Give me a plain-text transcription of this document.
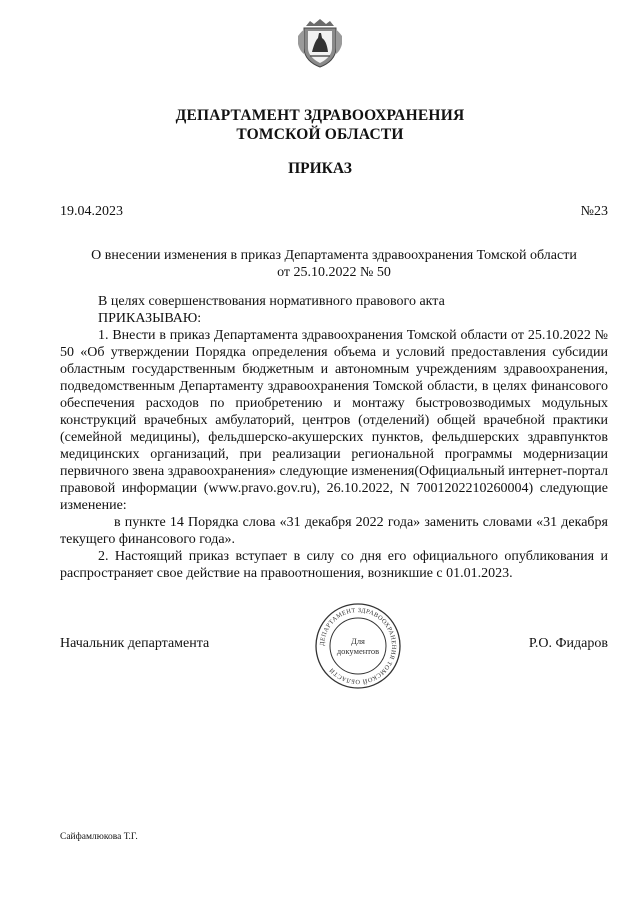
ДЕПАРТАМЕНТ ЗДРАВООХРАНЕНИЯ
ТОМСКОЙ ОБЛАСТИ
ПРИКАЗ
19.04.2023	№23
О внесении изменения в приказ Департамента здравоохранения Томской области
от 25.10.2022 № 50

В целях совершенствования нормативного правового акта

ПРИКАЗЫВАЮ:

1. Внести в приказ Департамента здравоохранения Томской области от 25.10.2022 № 50 «Об утверждении Порядка определения объема и условий предоставления субсидии областным государственным бюджетным и автономным учреждениям здравоохранения, подведомственным Департаменту здравоохранения Томской области, в целях финансового обеспечения расходов по приобретению и монтажу быстровозводимых модульных конструкций врачебных амбулаторий, центров (отделений) общей врачебной практики (семейной медицины), фельдшерско-акушерских пунктов, фельдшерских здравпунктов медицинских организаций, при реализации региональной программы модернизации первичного звена здравоохранения» следующие изменения(Официальный интернет-портал правовой информации (www.pravo.gov.ru), 26.10.2022, N 7001202210260004) следующие изменение:

в пункте 14 Порядка слова «31 декабря 2022 года» заменить словами «31 декабря текущего финансового года».

2. Настоящий приказ вступает в силу со дня его официального опубликования и распространяет свое действие на правоотношения, возникшие с 01.01.2023.

Начальник департамента	ДЕПАРТАМЕНТ ЗДРАВООХРАНЕНИЯ ТОМСКОЙ ОБЛАСТИ
Для
документов	Р.О. Фидаров
Сайфамлюкова Т.Г.
